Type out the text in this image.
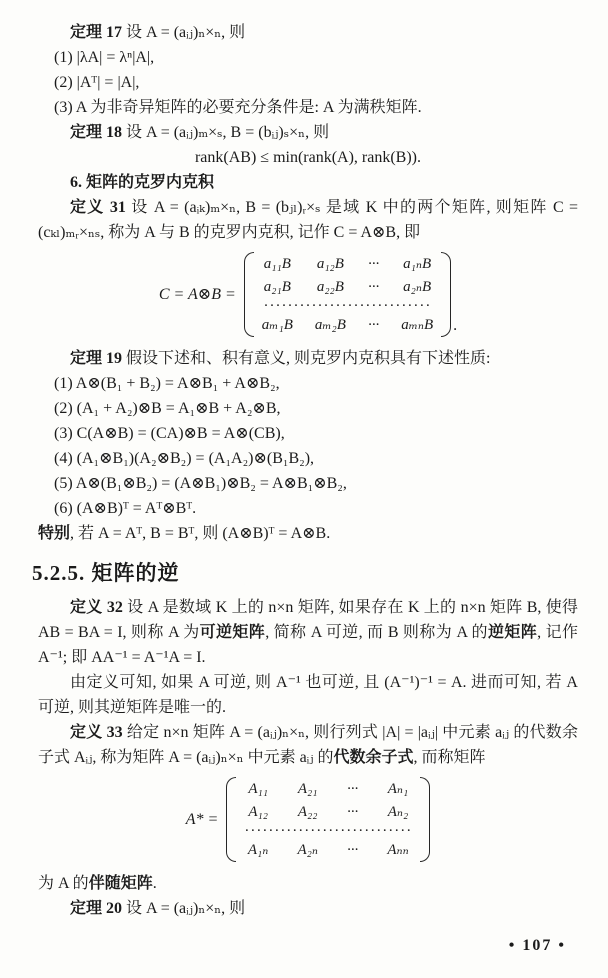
定理 17 设 A = (aᵢⱼ)ₙ×ₙ, 则

(1) |λA| = λⁿ|A|,

(2) |Aᵀ| = |A|,

(3) A 为非奇异矩阵的必要充分条件是: A 为满秩矩阵.

定理 18 设 A = (aᵢⱼ)ₘ×ₛ, B = (bᵢⱼ)ₛ×ₙ, 则

rank(AB) ≤ min(rank(A), rank(B)).

6. 矩阵的克罗内克积

定义 31 设 A = (aᵢₖ)ₘ×ₙ, B = (bⱼₗ)ᵣ×ₛ 是域 K 中的两个矩阵, 则矩阵 C = (cₖₗ)ₘᵣ×ₙₛ, 称为 A 与 B 的克罗内克积, 记作 C = A⊗B, 即

C = A⊗B =
a₁₁B a₁₂B ··· a₁ₙB
a₂₁B a₂₂B ··· a₂ₙB
····························
aₘ₁B aₘ₂B ··· aₘₙB .

定理 19 假设下述和、积有意义, 则克罗内克积具有下述性质:

(1) A⊗(B₁ + B₂) = A⊗B₁ + A⊗B₂,

(2) (A₁ + A₂)⊗B = A₁⊗B + A₂⊗B,

(3) C(A⊗B) = (CA)⊗B = A⊗(CB),

(4) (A₁⊗B₁)(A₂⊗B₂) = (A₁A₂)⊗(B₁B₂),

(5) A⊗(B₁⊗B₂) = (A⊗B₁)⊗B₂ = A⊗B₁⊗B₂,

(6) (A⊗B)ᵀ = Aᵀ⊗Bᵀ.

特别, 若 A = Aᵀ, B = Bᵀ, 则 (A⊗B)ᵀ = A⊗B.

5.2.5. 矩阵的逆

定义 32 设 A 是数域 K 上的 n×n 矩阵, 如果存在 K 上的 n×n 矩阵 B, 使得 AB = BA = I, 则称 A 为可逆矩阵, 简称 A 可逆, 而 B 则称为 A 的逆矩阵, 记作 A⁻¹; 即 AA⁻¹ = A⁻¹A = I.

由定义可知, 如果 A 可逆, 则 A⁻¹ 也可逆, 且 (A⁻¹)⁻¹ = A. 进而可知, 若 A 可逆, 则其逆矩阵是唯一的.

定义 33 给定 n×n 矩阵 A = (aᵢⱼ)ₙ×ₙ, 则行列式 |A| = |aᵢⱼ| 中元素 aᵢⱼ 的代数余子式 Aᵢⱼ, 称为矩阵 A = (aᵢⱼ)ₙ×ₙ 中元素 aᵢⱼ 的代数余子式, 而称矩阵

A* =
A₁₁ A₂₁ ··· Aₙ₁
A₁₂ A₂₂ ··· Aₙ₂
····························
A₁ₙ A₂ₙ ··· Aₙₙ

为 A 的伴随矩阵.

定理 20 设 A = (aᵢⱼ)ₙ×ₙ, 则

• 107 •
